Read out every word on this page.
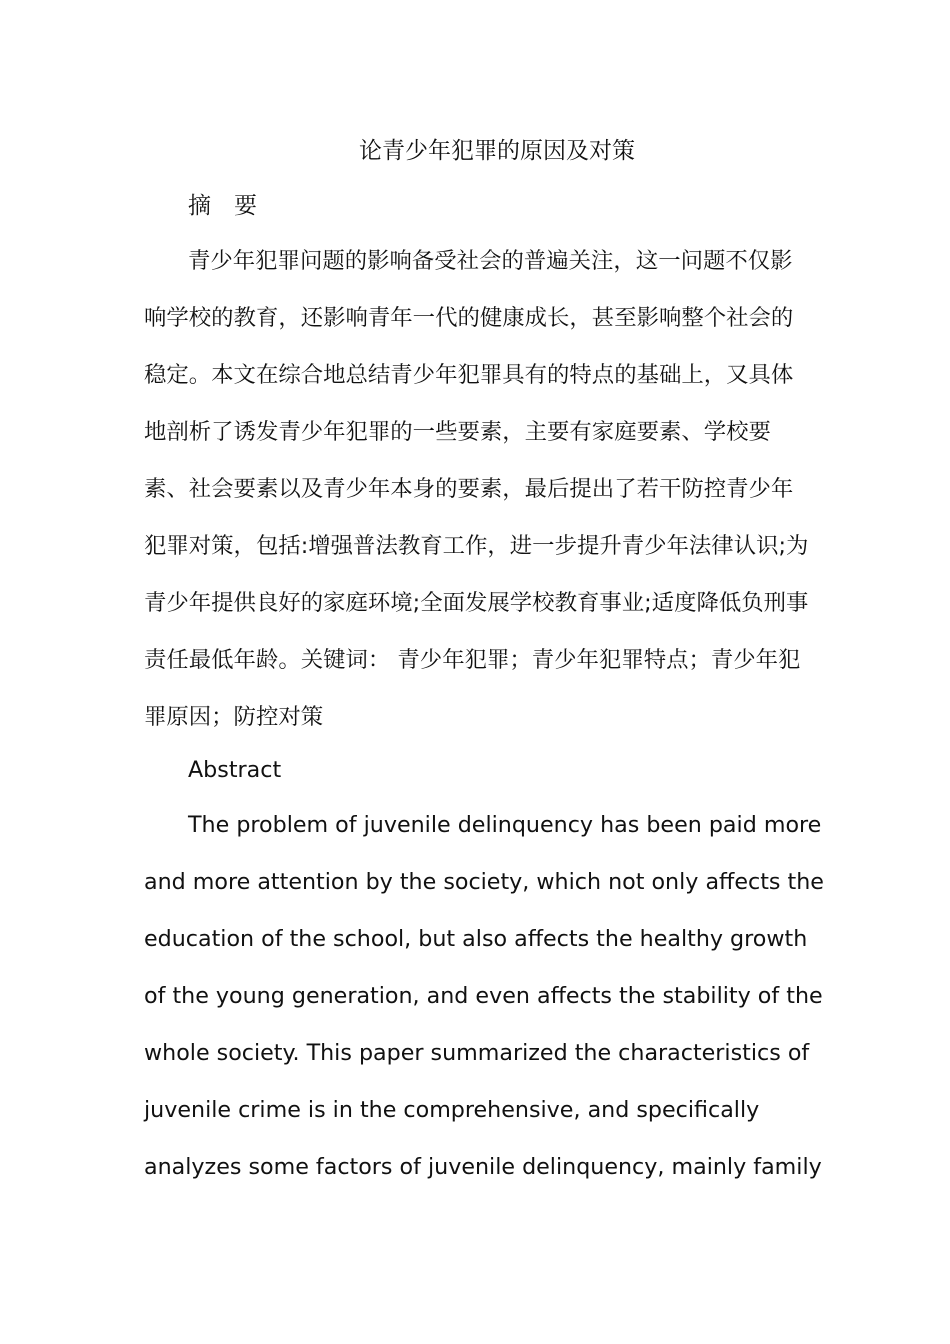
论青少年犯罪的原因及对策
摘　要
青少年犯罪问题的影响备受社会的普遍关注，这一问题不仅影
响学校的教育，还影响青年一代的健康成长，甚至影响整个社会的
稳定。本文在综合地总结青少年犯罪具有的特点的基础上，又具体
地剖析了诱发青少年犯罪的一些要素，主要有家庭要素、学校要
素、社会要素以及青少年本身的要素，最后提出了若干防控青少年
犯罪对策，包括:增强普法教育工作，进一步提升青少年法律认识;为
青少年提供良好的家庭环境;全面发展学校教育事业;适度降低负刑事
责任最低年龄。关键词： 青少年犯罪；青少年犯罪特点；青少年犯
罪原因；防控对策
Abstract
The problem of juvenile delinquency has been paid more
and more attention by the society, which not only affects the
education of the school, but also affects the healthy growth
of the young generation, and even affects the stability of the
whole society. This paper summarized the characteristics of
juvenile crime is in the comprehensive, and specifically
analyzes some factors of juvenile delinquency, mainly family
